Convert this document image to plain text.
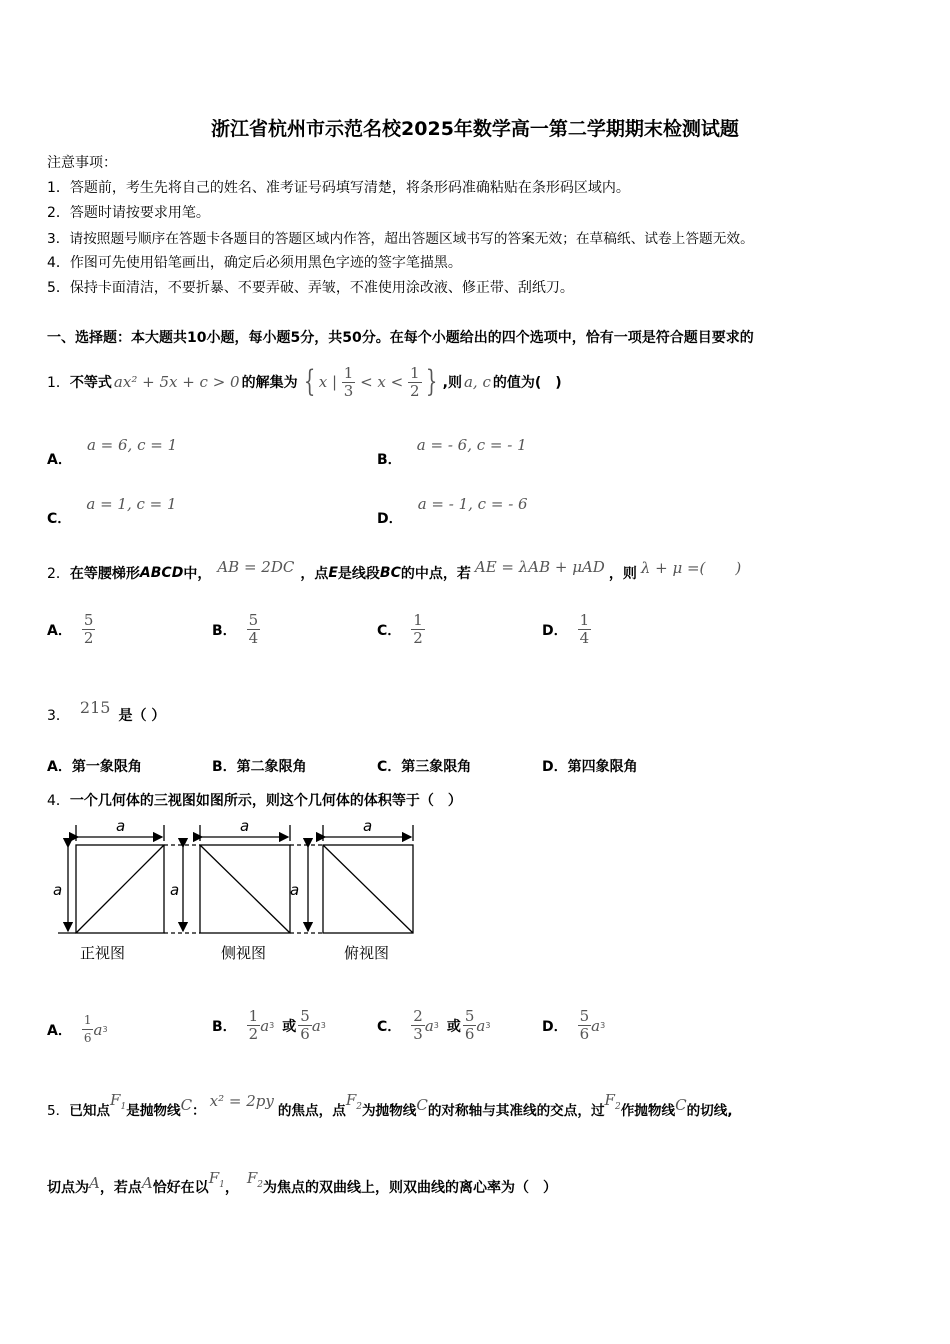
浙江省杭州市示范名校2025年数学高一第二学期期末检测试题
注意事项：
1．答题前，考生先将自己的姓名、准考证号码填写清楚，将条形码准确粘贴在条形码区域内。
2．答题时请按要求用笔。
3．请按照题号顺序在答题卡各题目的答题区域内作答，超出答题区域书写的答案无效；在草稿纸、试卷上答题无效。
4．作图可先使用铅笔画出，确定后必须用黑色字迹的签字笔描黑。
5．保持卡面清洁，不要折暴、不要弄破、弄皱，不准使用涂改液、修正带、刮纸刀。
一、选择题：本大题共10小题，每小题5分，共50分。在每个小题给出的四个选项中，恰有一项是符合题目要求的
1． 不等式 ax² + 5x + c > 0 的解集为 { x | $\frac{1}{3} < x < \frac{1}{2}$ } ,则 a, c 的值为(　)
A． a = 6, c = 1
B． a = - 6, c = - 1
C． a = 1, c = 1
D． a = - 1, c = - 6
2． 在等腰梯形 ABCD 中， AB = 2DC ，点 E 是线段 BC 的中点，若 AE = λAB + μAD ，则 λ + μ =(　　)
A． $\frac{5}{2}$	B． $\frac{5}{4}$	C． $\frac{1}{2}$	D． $\frac{1}{4}$
3． 215 是（ ）
A．第一象限角	B．第二象限角	C．第三象限角	D．第四象限角
4．一个几何体的三视图如图所示，则这个几何体的体积等于（　）
a	a	a
a	a	a
正视图	侧视图	俯视图
A． $\frac{1}{6}$ a 3	B． $\frac{1}{2}$ a 3 或 $\frac{5}{6}$ a 3	C． $\frac{2}{3}$ a 3 或 $\frac{5}{6}$ a 3	D． $\frac{5}{6}$ a 3
5． 已知点
$F_1$ 是抛物线 C ：
x² = 2py
的焦点，点
$F_2$ 为抛物线 C 的对称轴与其准线的交点，过
$F_2$ 作抛物线 C 的切线,
切点为 A ，若点 A 恰好在以
$F_1$ ，
$F_2$ 为焦点的双曲线上，则双曲线的离心率为（　）
